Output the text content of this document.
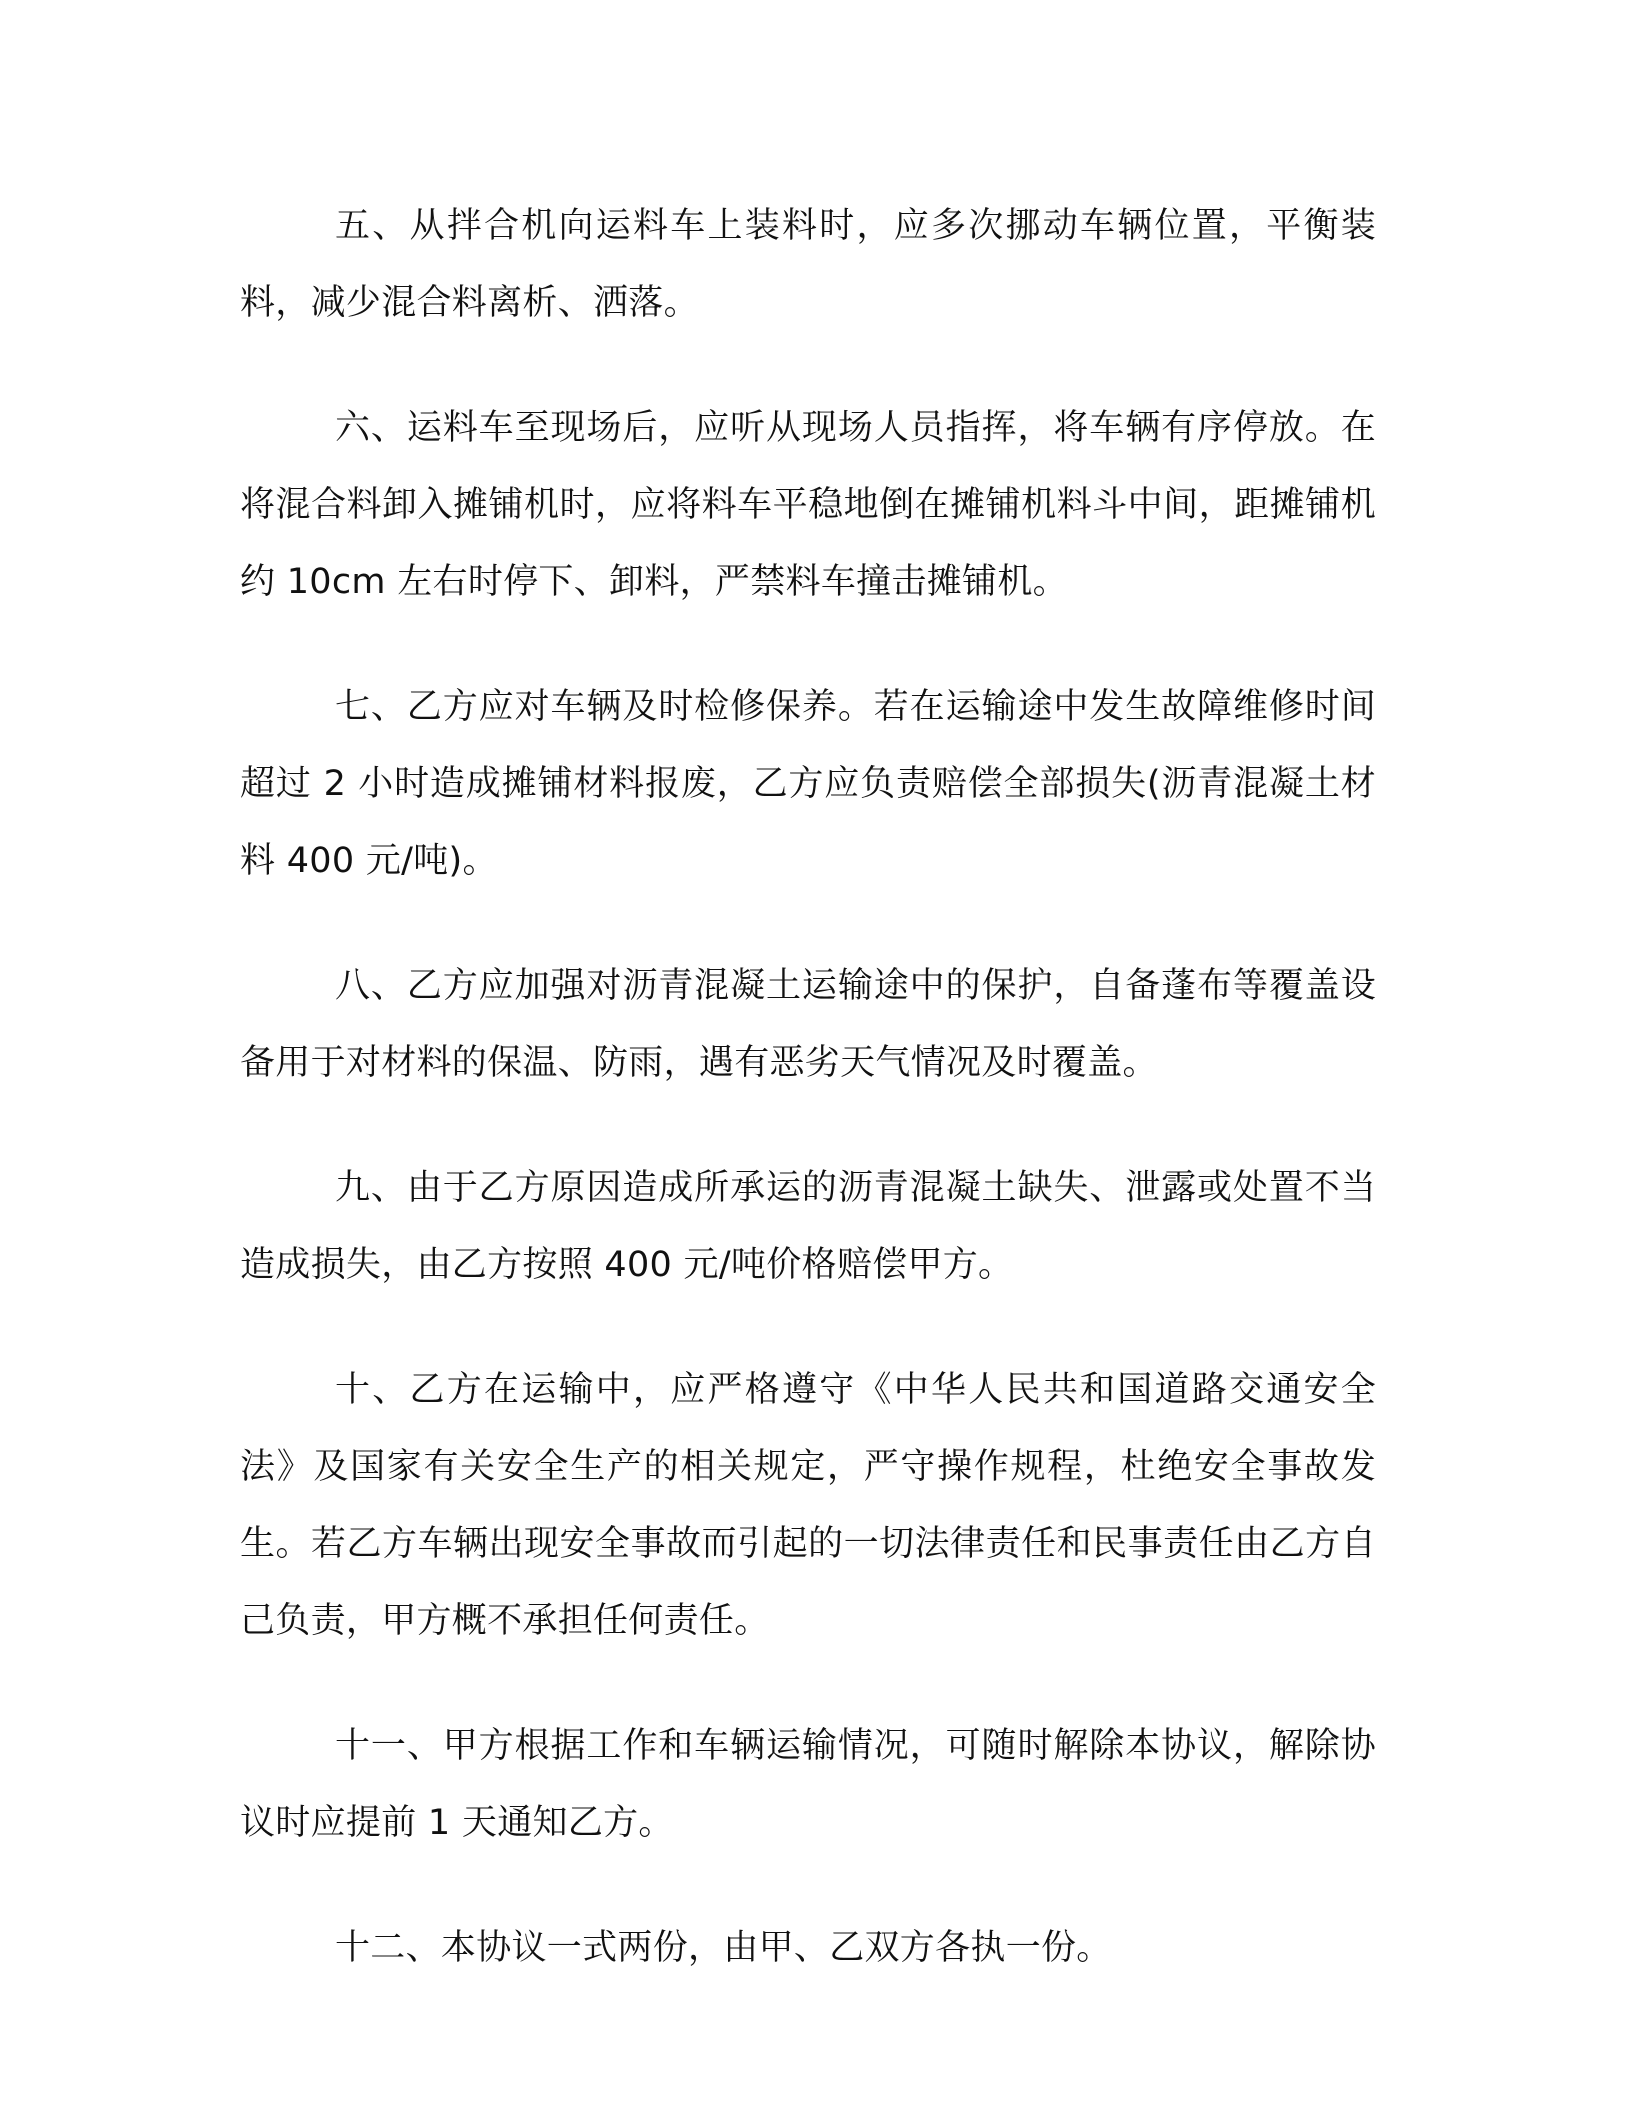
五、从拌合机向运料车上装料时，应多次挪动车辆位置，平衡装料，减少混合料离析、洒落。

六、运料车至现场后，应听从现场人员指挥，将车辆有序停放。在将混合料卸入摊铺机时，应将料车平稳地倒在摊铺机料斗中间，距摊铺机约 10cm 左右时停下、卸料，严禁料车撞击摊铺机。

七、乙方应对车辆及时检修保养。若在运输途中发生故障维修时间超过 2 小时造成摊铺材料报废，乙方应负责赔偿全部损失(沥青混凝土材料 400 元/吨)。

八、乙方应加强对沥青混凝土运输途中的保护，自备蓬布等覆盖设备用于对材料的保温、防雨，遇有恶劣天气情况及时覆盖。

九、由于乙方原因造成所承运的沥青混凝土缺失、泄露或处置不当造成损失，由乙方按照 400 元/吨价格赔偿甲方。

十、乙方在运输中，应严格遵守《中华人民共和国道路交通安全法》及国家有关安全生产的相关规定，严守操作规程，杜绝安全事故发生。若乙方车辆出现安全事故而引起的一切法律责任和民事责任由乙方自己负责，甲方概不承担任何责任。

十一、甲方根据工作和车辆运输情况，可随时解除本协议，解除协议时应提前 1 天通知乙方。

十二、本协议一式两份，由甲、乙双方各执一份。
